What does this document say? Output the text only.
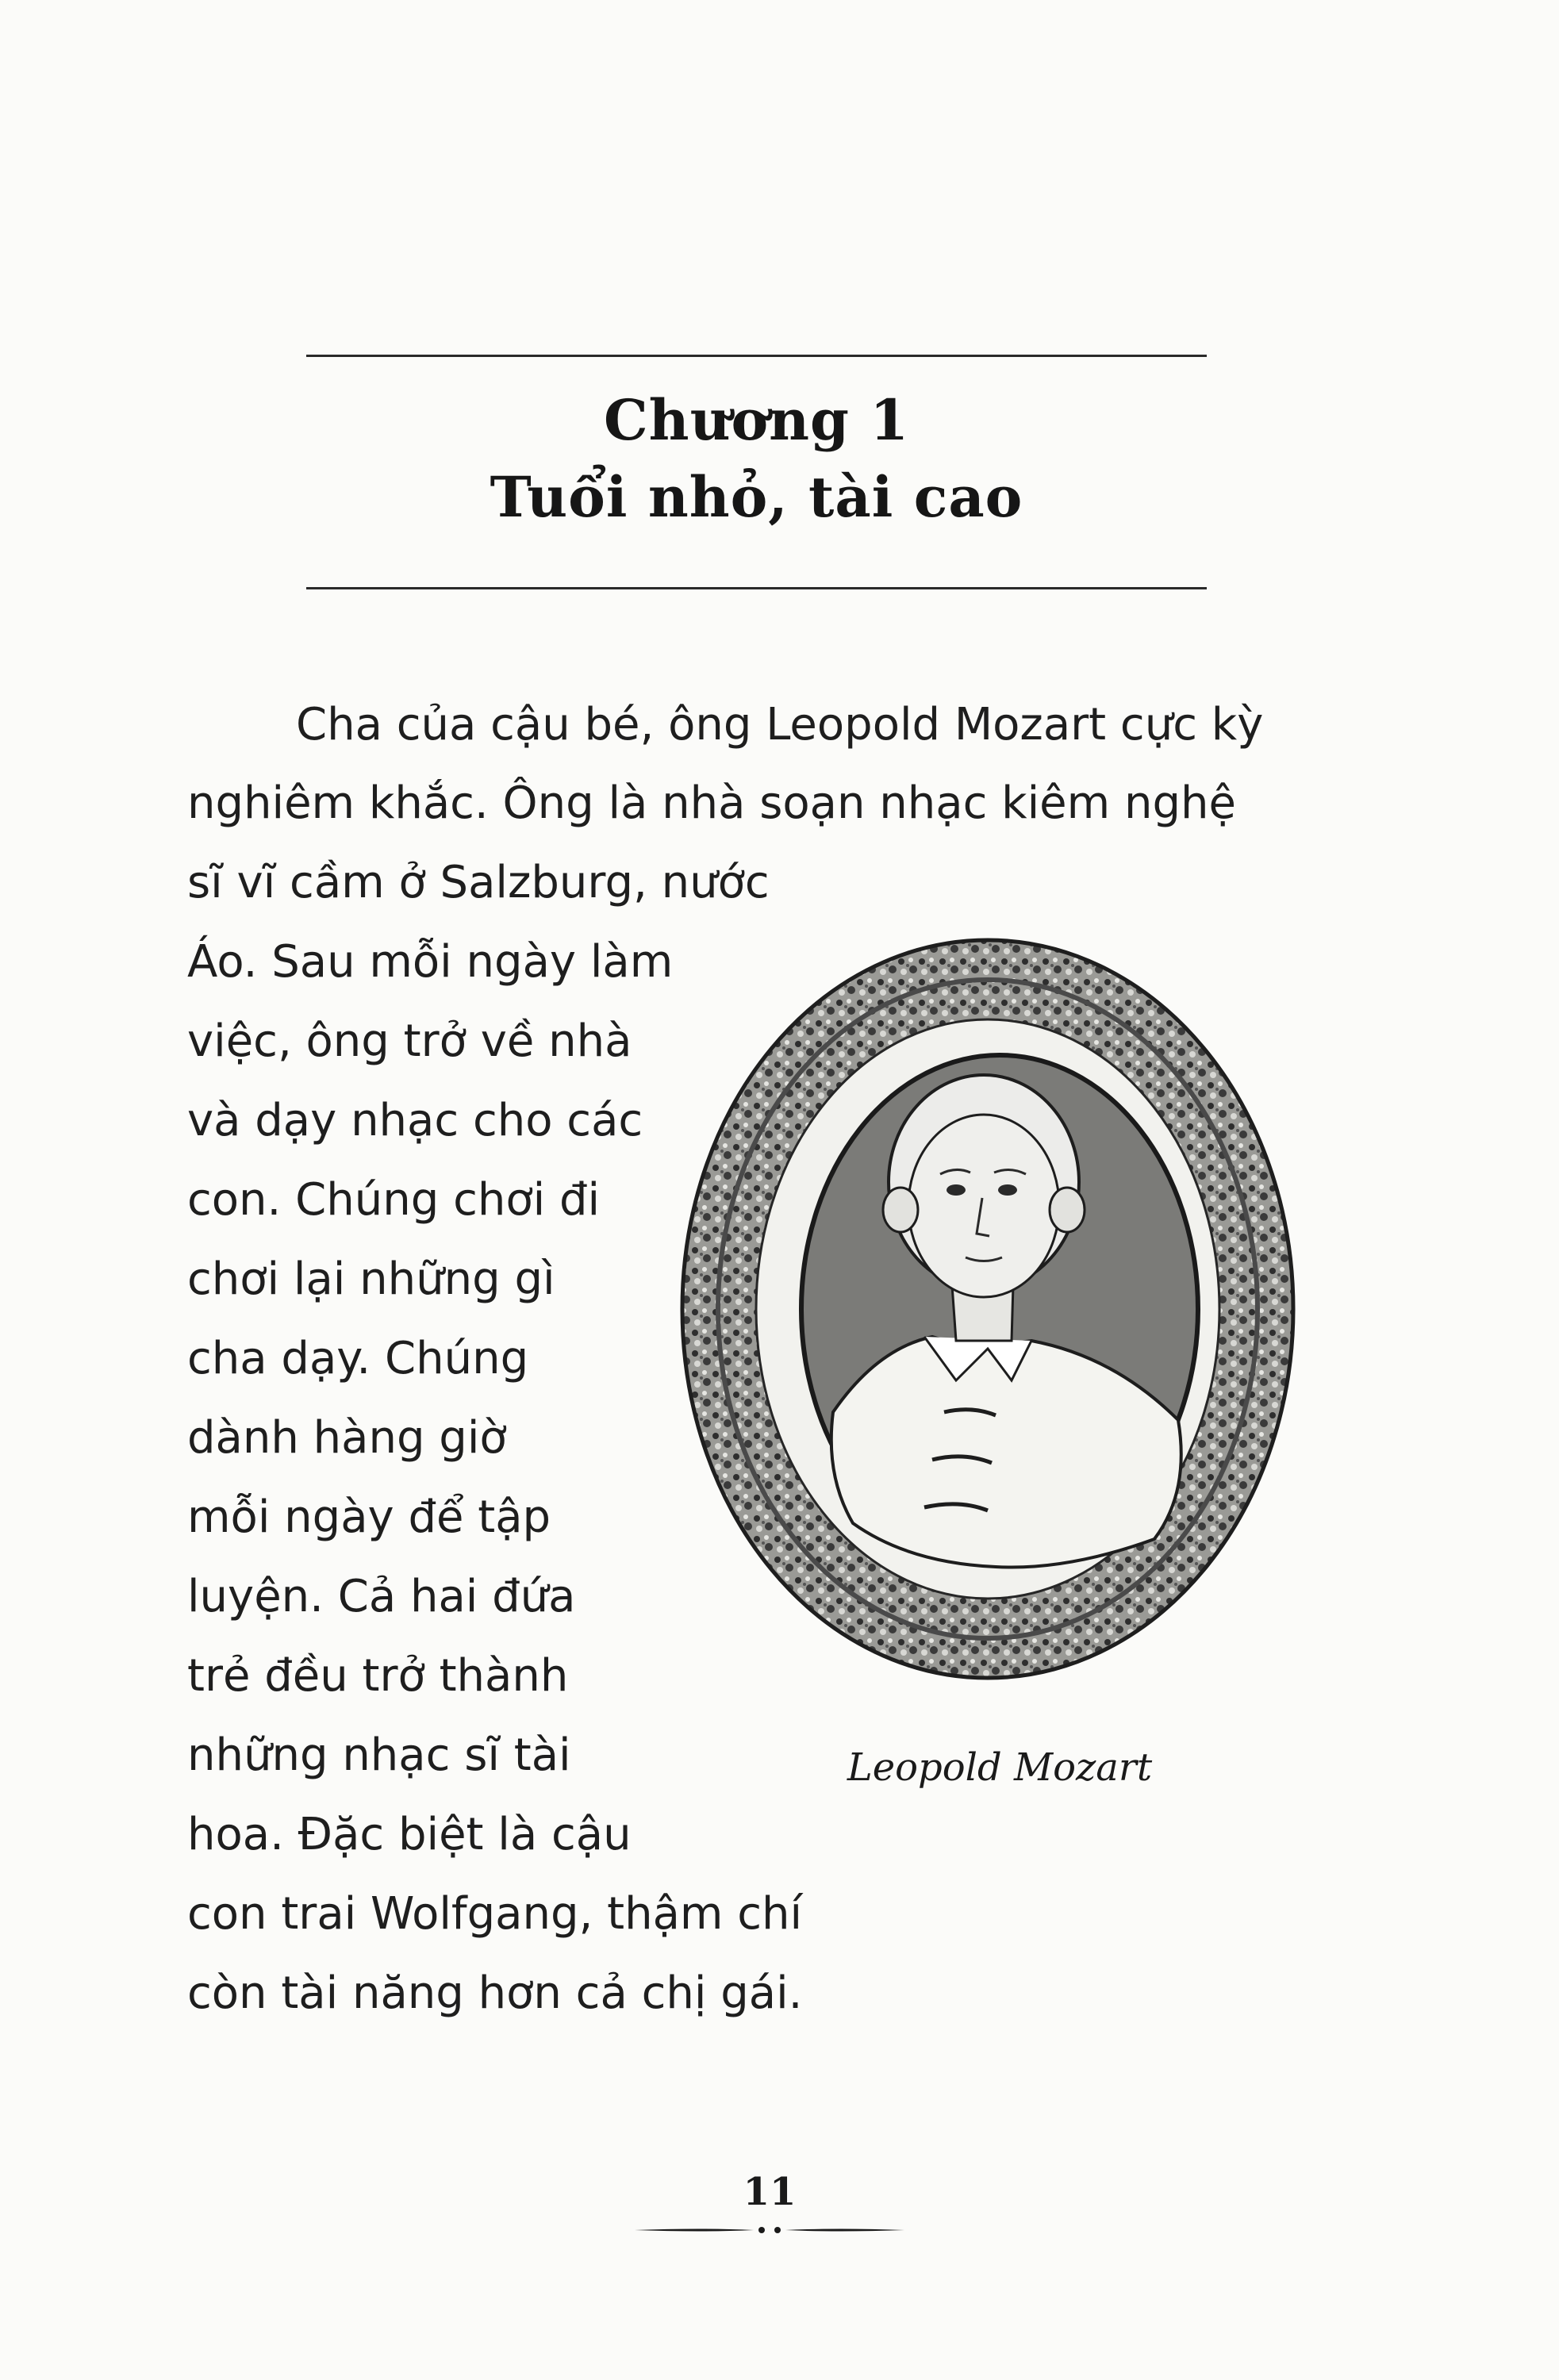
Chương 1
Tuổi nhỏ, tài cao
Cha của cậu bé, ông Leopold Mozart cực kỳ
nghiêm khắc. Ông là nhà soạn nhạc kiêm nghệ
sĩ vĩ cầm ở Salzburg, nước
Áo. Sau mỗi ngày làm
việc, ông trở về nhà
và dạy nhạc cho các
con. Chúng chơi đi
chơi lại những gì
cha dạy. Chúng
dành hàng giờ
mỗi ngày để tập
luyện. Cả hai đứa
trẻ đều trở thành
những nhạc sĩ tài
hoa. Đặc biệt là cậu
con trai Wolfgang, thậm chí
còn tài năng hơn cả chị gái.
Leopold Mozart
11
